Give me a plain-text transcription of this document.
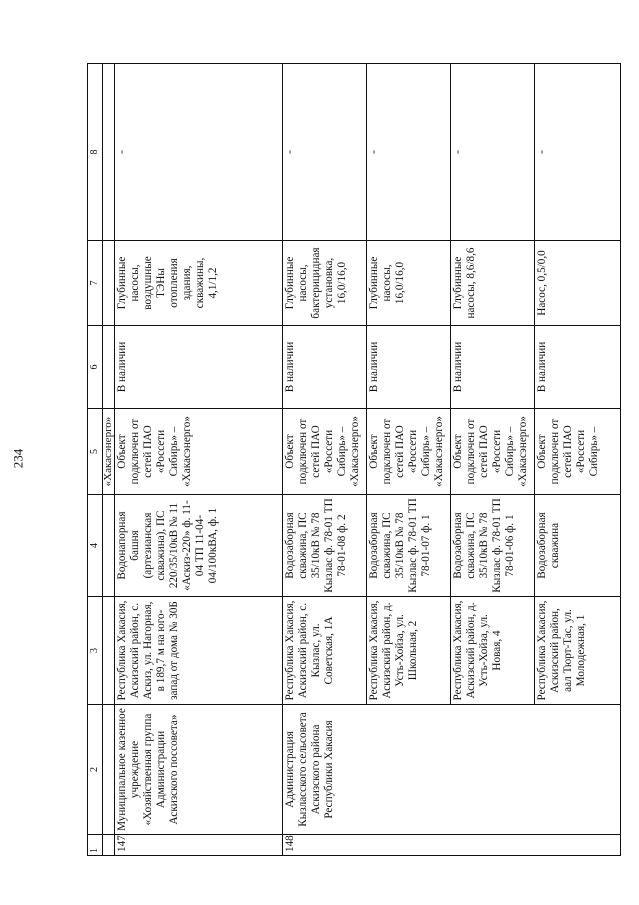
234
1	2	3	4	5	6	7	8
				«Хакасэнерго»			
147	Муниципальное казенное учреждение «Хозяйственная группа Администрации Аскизского поссовета»	Республика Хакасия, Аскизский район, с. Аскиз, ул. Нагорная, в 189,7 м на юго-запад от дома № 30Б	Водонапорная башня (артезианская скважина), ПС 220/35/10кВ № 11 «Аскиз-220» ф. 11-04 ТП 11-04-04/100кВА, ф. 1	Объект подключен от сетей ПАО «Россети Сибирь» – «Хакасэнерго»	В наличии	Глубинные насосы, воздушные ТЭНы отопления здания, скважины, 4,1/1,2	-
148	Администрация Кызласского сельсовета Аскизского района Республики Хакасия	Республика Хакасия, Аскизский район, с. Кызлас, ул. Советская, 1А	Водозаборная скважина, ПС 35/10кВ № 78 Кызлас ф. 78-01 ТП 78-01-08 ф. 2	Объект подключен от сетей ПАО «Россети Сибирь» – «Хакасэнерго»	В наличии	Глубинные насосы, бактерицидная установка, 16,0/16,0	-
		Республика Хакасия, Аскизский район, д. Усть-Хойза, ул. Школьная, 2	Водозаборная скважина, ПС 35/10кВ № 78 Кызлас ф. 78-01 ТП 78-01-07 ф. 1	Объект подключен от сетей ПАО «Россети Сибирь» – «Хакасэнерго»	В наличии	Глубинные насосы, 16,0/16,0	-
		Республика Хакасия, Аскизский район, д. Усть-Хойза, ул. Новая, 4	Водозаборная скважина, ПС 35/10кВ № 78 Кызлас ф. 78-01 ТП 78-01-06 ф. 1	Объект подключен от сетей ПАО «Россети Сибирь» – «Хакасэнерго»	В наличии	Глубинные насосы, 8,6/8,6	-
		Республика Хакасия, Аскизский район, аал Тюрт-Тас, ул. Молодежная, 1	Водозаборная скважина	Объект подключен от сетей ПАО «Россети Сибирь» –	В наличии	Насос, 0,5/0,0	-
